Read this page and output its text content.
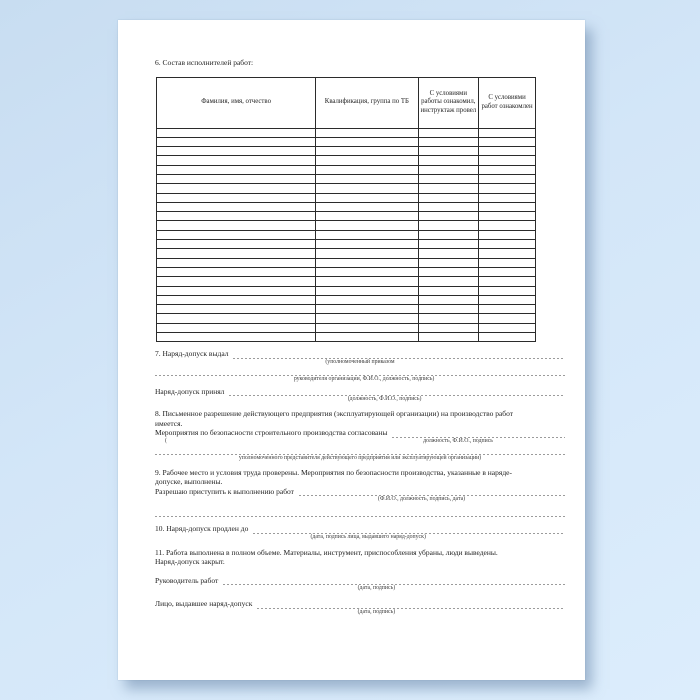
6. Состав исполнителей работ:
Фамилия, имя, отчество	Квалификация, группа по ТБ	С условиями работы ознакомил, инструктаж провел	С условиями работ ознакомлен

7. Наряд-допуск выдал
(уполномоченный приказом
руководителя организации, Ф.И.О., должность, подпись)
Наряд-допуск принял
(должность, Ф.И.О., подпись)
8. Письменное разрешение действующего предприятия (эксплуатирующей организации) на производство работ
имеется.
Мероприятия по безопасности строительного производства согласованы
(	должность, Ф.И.О., подпись
уполномоченного представителя действующего предприятия или эксплуатирующей организации)
9. Рабочее место и условия труда проверены. Мероприятия по безопасности производства, указанные в наряде-
допуске, выполнены.
Разрешаю приступить к выполнению работ
(Ф.И.О., должность, подпись, дата)
10. Наряд-допуск продлен до
(дата, подпись лица, выдавшего наряд-допуск)
11. Работа выполнена в полном объеме. Материалы, инструмент, приспособления убраны, люди выведены.
Наряд-допуск закрыт.
Руководитель работ
(дата, подпись)
Лицо, выдавшее наряд-допуск
(дата, подпись)
